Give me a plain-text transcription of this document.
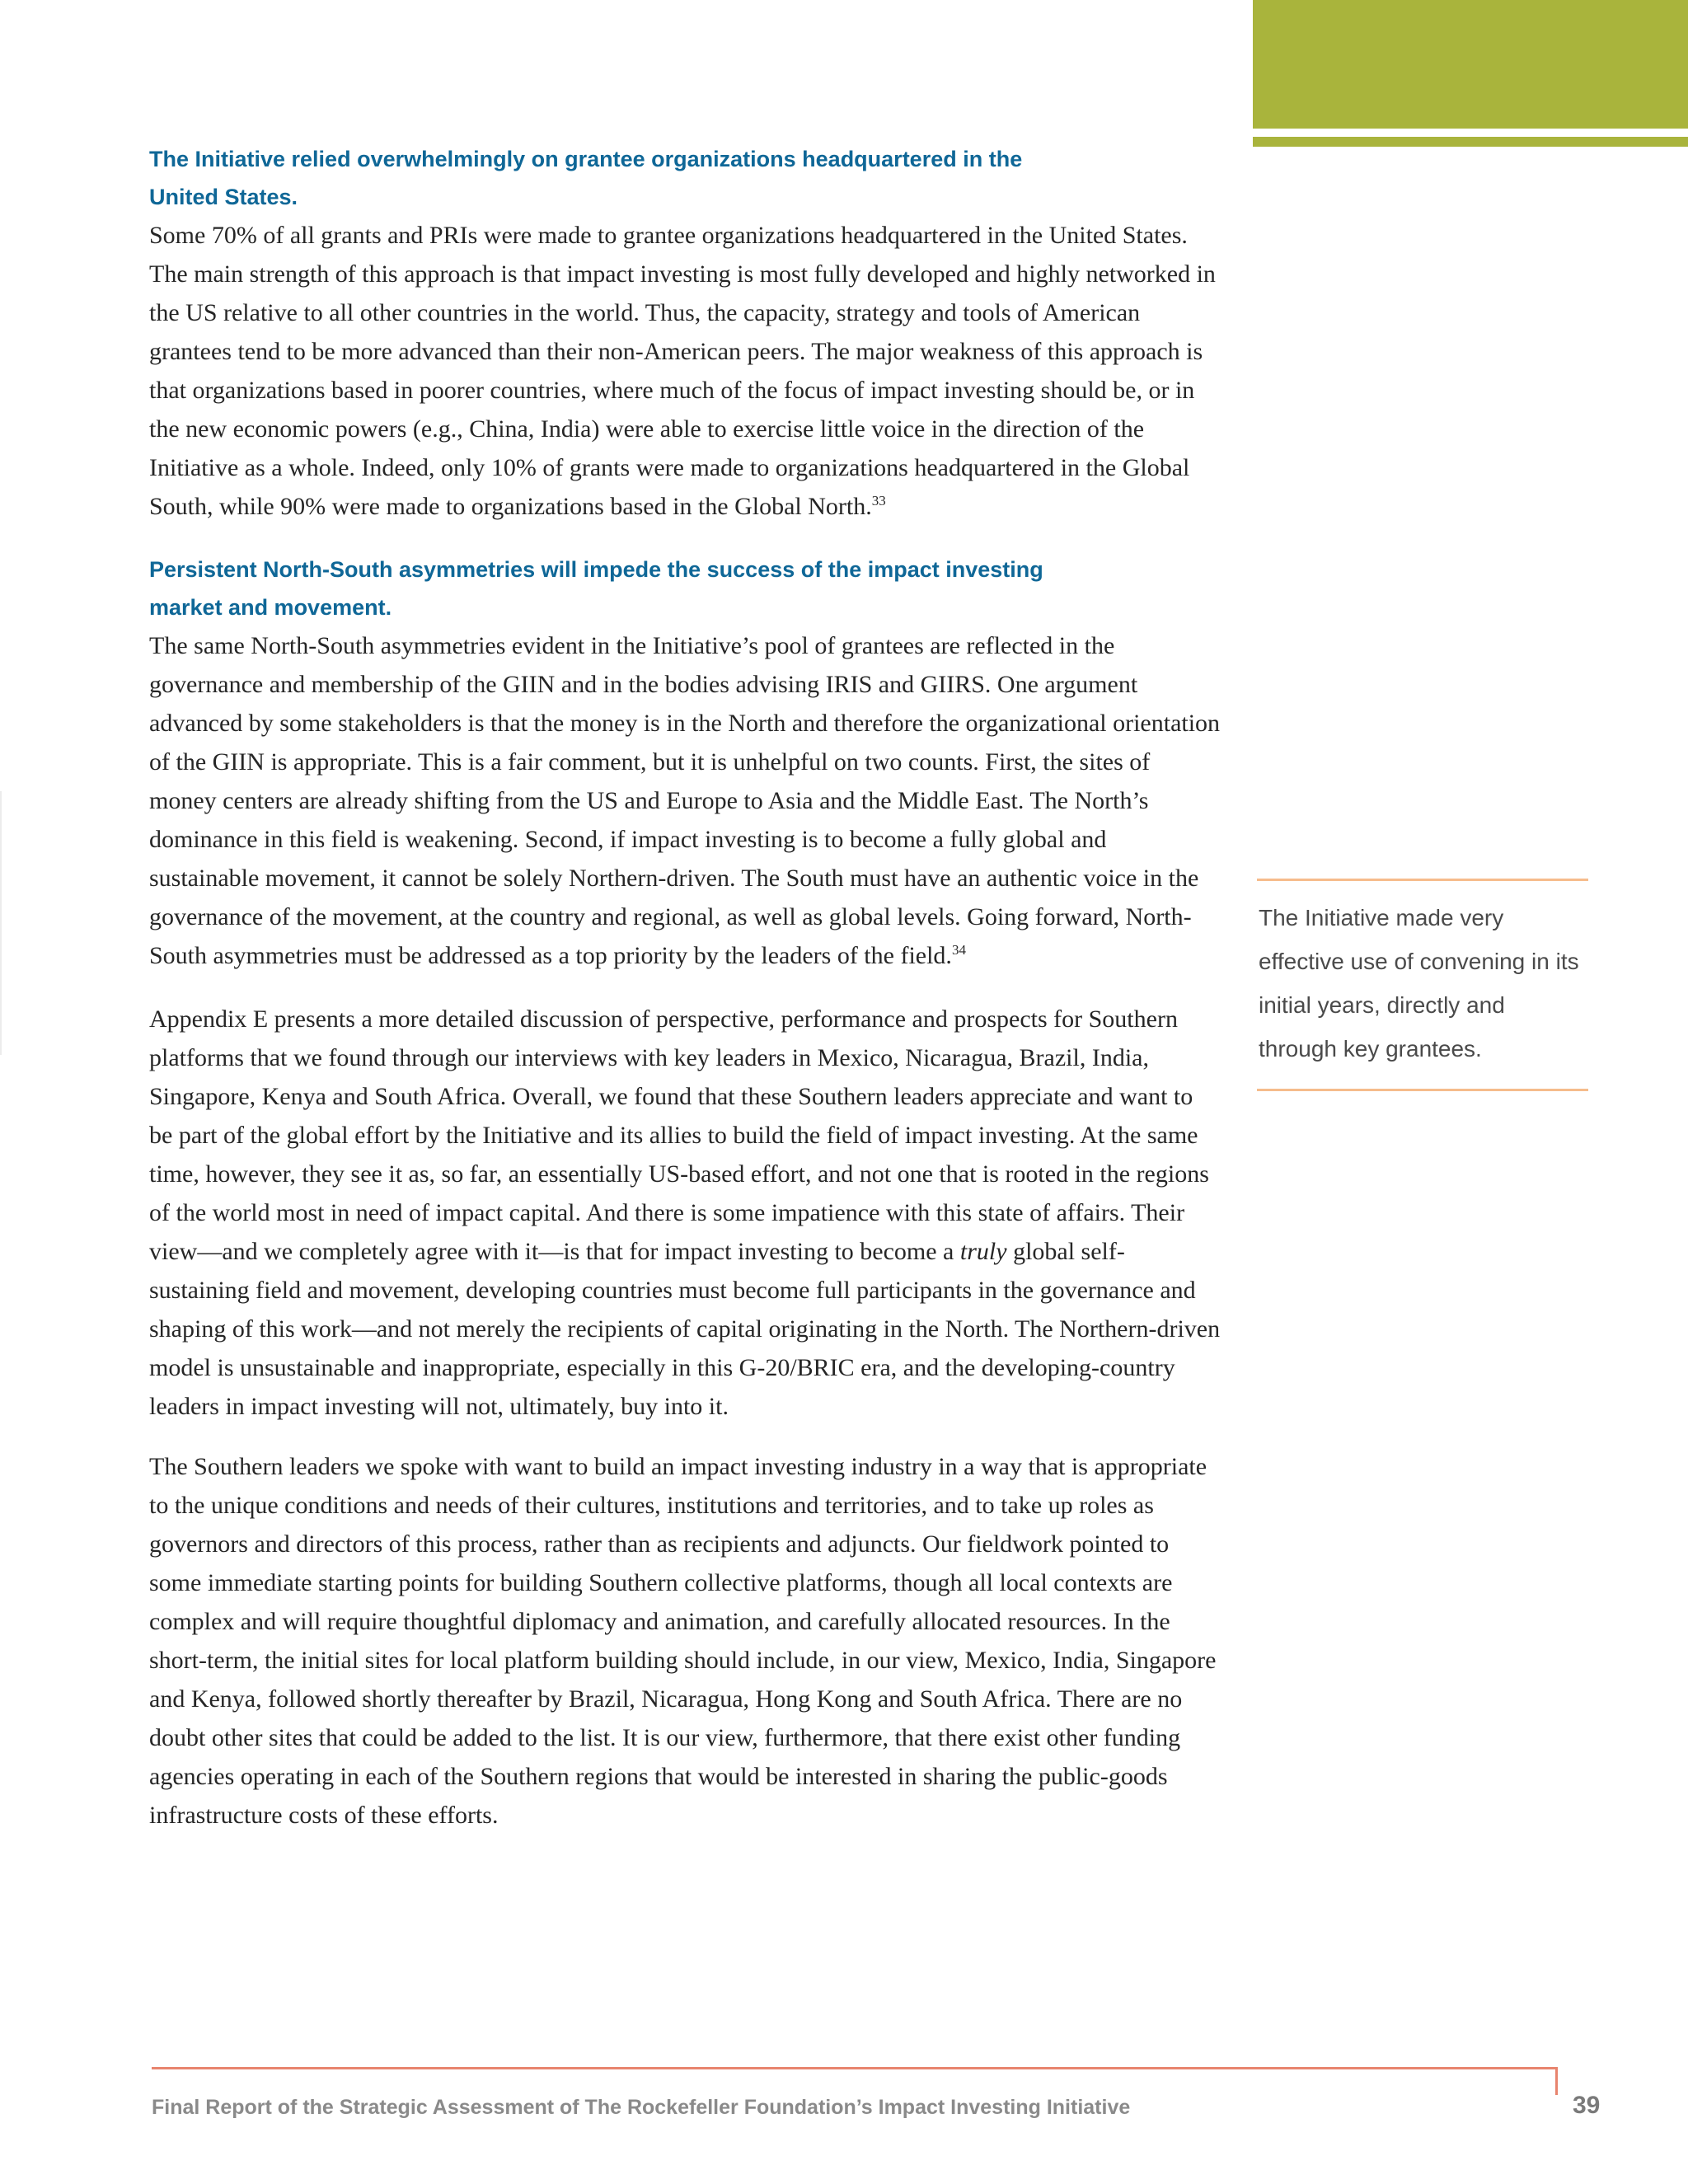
The Initiative relied overwhelmingly on grantee organizations headquartered in the United States.

Some 70% of all grants and PRIs were made to grantee organizations headquartered in the United States. The main strength of this approach is that impact investing is most fully developed and highly networked in the US relative to all other countries in the world. Thus, the capacity, strategy and tools of American grantees tend to be more advanced than their non-American peers. The major weakness of this approach is that organizations based in poorer countries, where much of the focus of impact investing should be, or in the new economic powers (e.g., China, India) were able to exercise little voice in the direction of the Initiative as a whole. Indeed, only 10% of grants were made to organizations headquartered in the Global South, while 90% were made to organizations based in the Global North.$^{33}$

Persistent North-South asymmetries will impede the success of the impact investing market and movement.

The same North-South asymmetries evident in the Initiative’s pool of grantees are reflected in the governance and membership of the GIIN and in the bodies advising IRIS and GIIRS. One argument advanced by some stakeholders is that the money is in the North and therefore the organizational orientation of the GIIN is appropriate. This is a fair comment, but it is unhelpful on two counts. First, the sites of money centers are already shifting from the US and Europe to Asia and the Middle East. The North’s dominance in this field is weakening. Second, if impact investing is to become a fully global and sustainable movement, it cannot be solely Northern-driven. The South must have an authentic voice in the governance of the movement, at the country and regional, as well as global levels. Going forward, North-South asymmetries must be addressed as a top priority by the leaders of the field.$^{34}$

Appendix E presents a more detailed discussion of perspective, performance and prospects for Southern platforms that we found through our interviews with key leaders in Mexico, Nicaragua, Brazil, India, Singapore, Kenya and South Africa. Overall, we found that these Southern leaders appreciate and want to be part of the global effort by the Initiative and its allies to build the field of impact investing. At the same time, however, they see it as, so far, an essentially US-based effort, and not one that is rooted in the regions of the world most in need of impact capital. And there is some impatience with this state of affairs. Their view—and we completely agree with it—is that for impact investing to become a truly global self-sustaining field and movement, developing countries must become full participants in the governance and shaping of this work—and not merely the recipients of capital originating in the North. The Northern-driven model is unsustainable and inappropriate, especially in this G-20/BRIC era, and the developing-country leaders in impact investing will not, ultimately, buy into it.

The Southern leaders we spoke with want to build an impact investing industry in a way that is appropriate to the unique conditions and needs of their cultures, institutions and territories, and to take up roles as governors and directors of this process, rather than as recipients and adjuncts. Our fieldwork pointed to some immediate starting points for building Southern collective platforms, though all local contexts are complex and will require thoughtful diplomacy and animation, and carefully allocated resources. In the short-term, the initial sites for local platform building should include, in our view, Mexico, India, Singapore and Kenya, followed shortly thereafter by Brazil, Nicaragua, Hong Kong and South Africa. There are no doubt other sites that could be added to the list. It is our view, furthermore, that there exist other funding agencies operating in each of the Southern regions that would be interested in sharing the public-goods infrastructure costs of these efforts.

The Initiative made very effective use of convening in its initial years, directly and through key grantees.
Final Report of the Strategic Assessment of The Rockefeller Foundation’s Impact Investing Initiative	39
